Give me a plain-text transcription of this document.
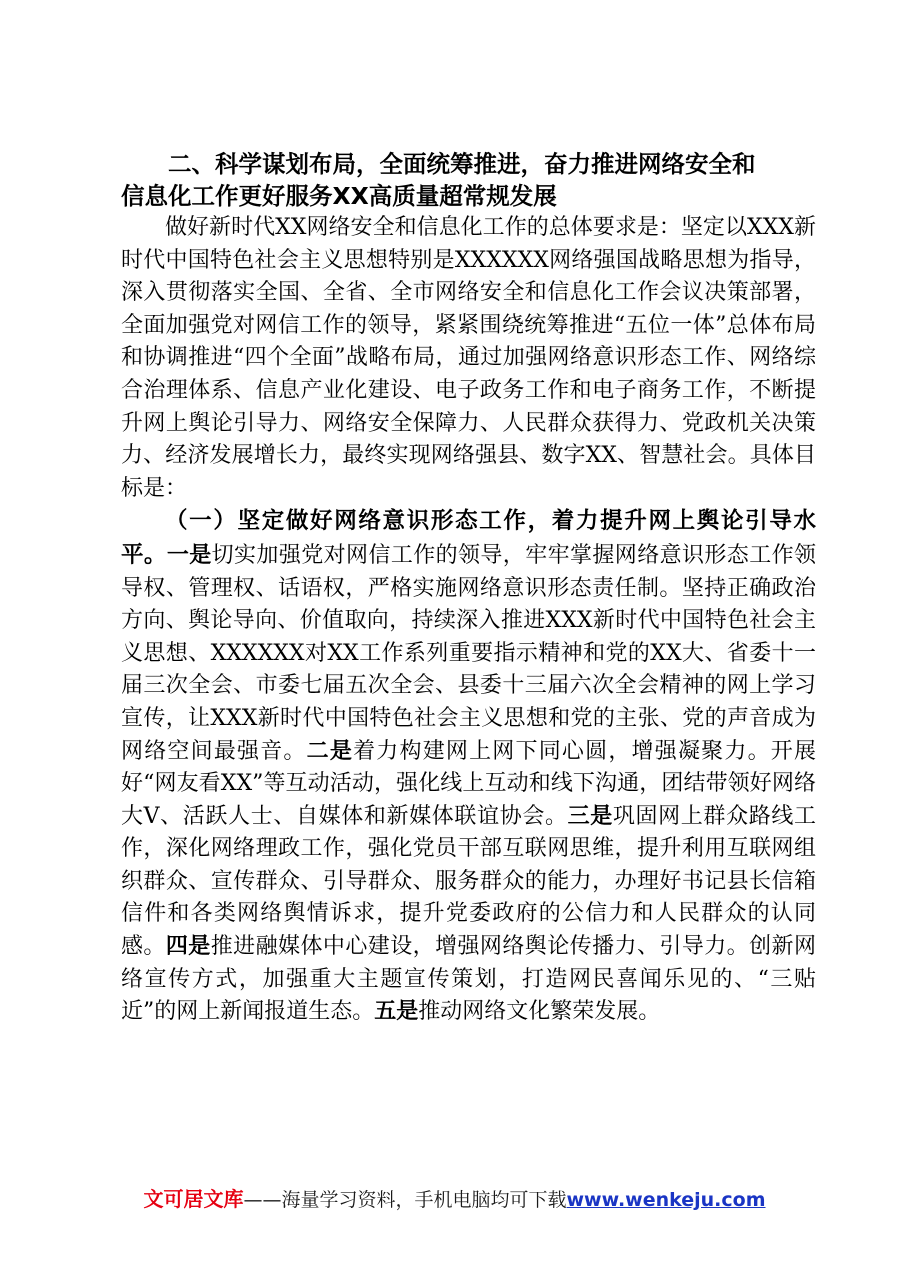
二、科学谋划布局，全面统筹推进，奋力推进网络安全和
信息化工作更好服务XX高质量超常规发展

做好新时代XX网络安全和信息化工作的总体要求是：坚定以XXX新时代中国特色社会主义思想特别是XXXXXX网络强国战略思想为指导，深入贯彻落实全国、全省、全市网络安全和信息化工作会议决策部署，全面加强党对网信工作的领导，紧紧围绕统筹推进“五位一体”总体布局和协调推进“四个全面”战略布局，通过加强网络意识形态工作、网络综合治理体系、信息产业化建设、电子政务工作和电子商务工作，不断提升网上舆论引导力、网络安全保障力、人民群众获得力、党政机关决策力、经济发展增长力，最终实现网络强县、数字XX、智慧社会。具体目标是：

（一）坚定做好网络意识形态工作，着力提升网上舆论引导水平。一是切实加强党对网信工作的领导，牢牢掌握网络意识形态工作领导权、管理权、话语权，严格实施网络意识形态责任制。坚持正确政治方向、舆论导向、价值取向，持续深入推进XXX新时代中国特色社会主义思想、XXXXXX对XX工作系列重要指示精神和党的XX大、省委十一届三次全会、市委七届五次全会、县委十三届六次全会精神的网上学习宣传，让XXX新时代中国特色社会主义思想和党的主张、党的声音成为网络空间最强音。二是着力构建网上网下同心圆，增强凝聚力。开展好“网友看XX”等互动活动，强化线上互动和线下沟通，团结带领好网络大V、活跃人士、自媒体和新媒体联谊协会。三是巩固网上群众路线工作，深化网络理政工作，强化党员干部互联网思维，提升利用互联网组织群众、宣传群众、引导群众、服务群众的能力，办理好书记县长信箱信件和各类网络舆情诉求，提升党委政府的公信力和人民群众的认同感。四是推进融媒体中心建设，增强网络舆论传播力、引导力。创新网络宣传方式，加强重大主题宣传策划，打造网民喜闻乐见的、“三贴近”的网上新闻报道生态。五是推动网络文化繁荣发展。

文可居文库——海量学习资料，手机电脑均可下载www.wenkeju.com
